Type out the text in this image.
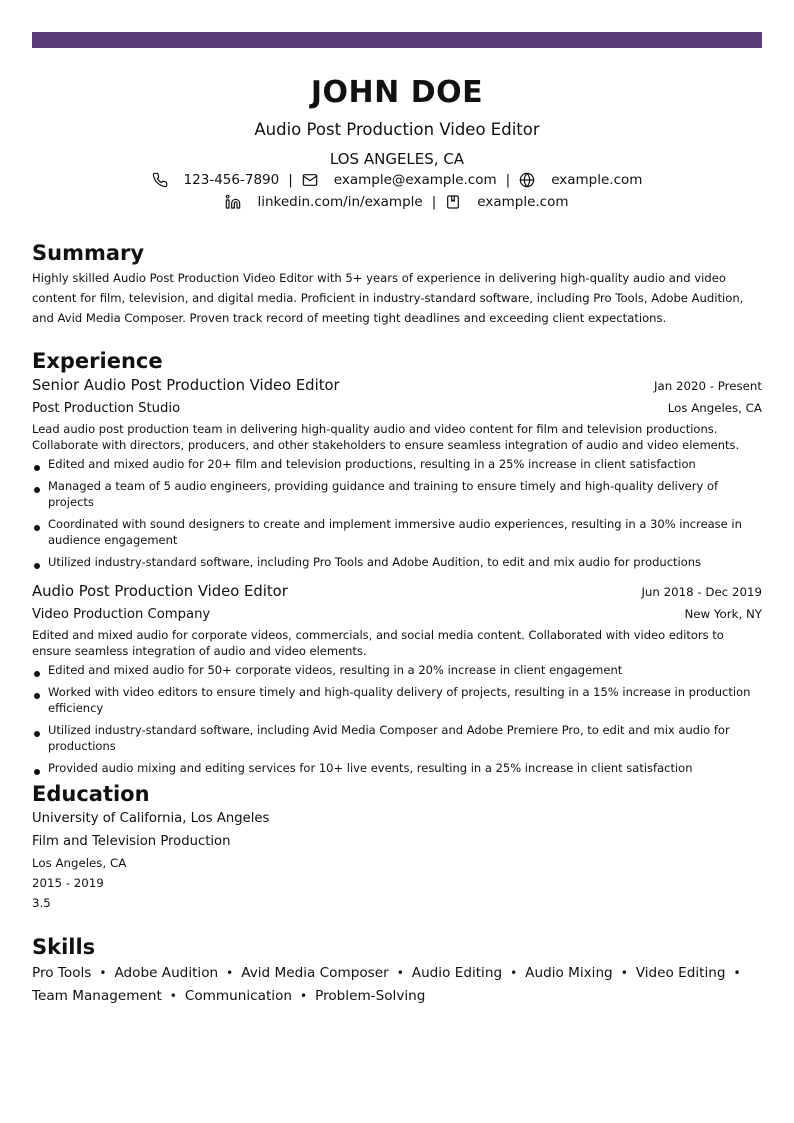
JOHN DOE
Audio Post Production Video Editor
LOS ANGELES, CA
123-456-7890 |	example@example.com |	example.com
linkedin.com/in/example |	example.com
Summary

Highly skilled Audio Post Production Video Editor with 5+ years of experience in delivering high-quality audio and video content for film, television, and digital media. Proficient in industry-standard software, including Pro Tools, Adobe Audition, and Avid Media Composer. Proven track record of meeting tight deadlines and exceeding client expectations.

Experience
Senior Audio Post Production Video Editor	Jan 2020 - Present
Post Production Studio	Los Angeles, CA

Lead audio post production team in delivering high-quality audio and video content for film and television productions. Collaborate with directors, producers, and other stakeholders to ensure seamless integration of audio and video elements.

Edited and mixed audio for 20+ film and television productions, resulting in a 25% increase in client satisfaction
Managed a team of 5 audio engineers, providing guidance and training to ensure timely and high-quality delivery of projects
Coordinated with sound designers to create and implement immersive audio experiences, resulting in a 30% increase in audience engagement
Utilized industry-standard software, including Pro Tools and Adobe Audition, to edit and mix audio for productions
Audio Post Production Video Editor	Jun 2018 - Dec 2019
Video Production Company	New York, NY

Edited and mixed audio for corporate videos, commercials, and social media content. Collaborated with video editors to ensure seamless integration of audio and video elements.

Edited and mixed audio for 50+ corporate videos, resulting in a 20% increase in client engagement
Worked with video editors to ensure timely and high-quality delivery of projects, resulting in a 15% increase in production efficiency
Utilized industry-standard software, including Avid Media Composer and Adobe Premiere Pro, to edit and mix audio for productions
Provided audio mixing and editing services for 10+ live events, resulting in a 25% increase in client satisfaction
Education
University of California, Los Angeles
Film and Television Production
Los Angeles, CA
2015 - 2019
3.5
Skills
Pro Tools • Adobe Audition • Avid Media Composer • Audio Editing • Audio Mixing • Video Editing •
Team Management • Communication • Problem-Solving
